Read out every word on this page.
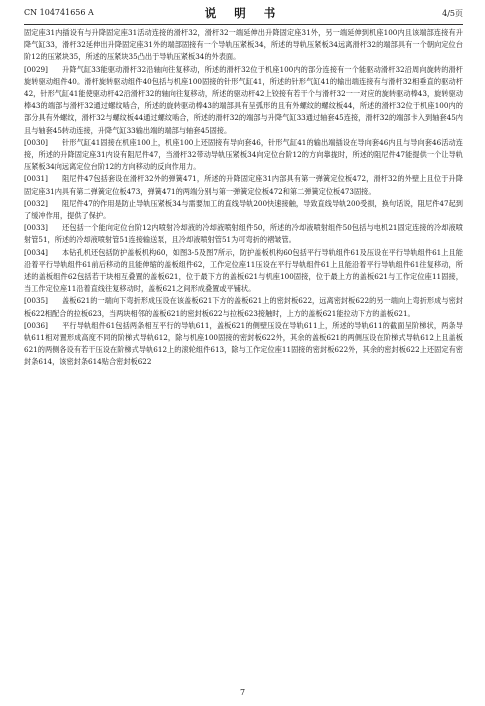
CN 104741656 A	说 明 书	4/5页

固定座31内插设有与升降固定座31活动连接的滑杆32，滑杆32一端延伸出升降固定座31外，另一端延伸到机座100内且该端部连接有升降气缸33，滑杆32延伸出升降固定座31外的端部固接有一个导轨压紧板34，所述的导轨压紧板34远离滑杆32的端部具有一个朝向定位台阶12的压紧块35，所述的压紧块35凸出于导轨压紧板34的外表面。

[0029] 升降气缸33能驱动滑杆32沿轴向往复移动，所述的滑杆32位于机座100内的部分连接有一个能驱动滑杆32沿周向旋转的滑杆旋转驱动组件40。滑杆旋转驱动组件40包括与机座100固接的针形气缸41，所述的针形气缸41的输出端连接有与滑杆32相垂直的驱动杆42，针形气缸41能使驱动杆42沿滑杆32的轴向往复移动，所述的驱动杆42上铰接有若干个与滑杆32一一对应的旋转驱动棒43，旋转驱动棒43的端部与滑杆32通过螺纹啮合，所述的旋转驱动棒43的端部具有呈弧形的且有外螺纹的螺纹板44，所述的滑杆32位于机座100内的部分具有外螺纹，滑杆32与螺纹板44通过螺纹啮合，所述的滑杆32的端部与升降气缸33通过轴套45连接，滑杆32的端部卡入到轴套45内且与轴套45转动连接，升降气缸33输出端的端部与轴套45固接。

[0030] 针形气缸41固接在机座100上，机座100上还固接有导向套46，针形气缸41的输出端插设在导向套46内且与导向套46活动连接，所述的升降固定座31内设有阻尼件47，当滑杆32带动导轨压紧板34向定位台阶12的方向靠拢时，所述的阻尼件47能提供一个让导轨压紧板34向远离定位台阶12的方向移动的反向作用力。

[0031] 阻尼件47包括套设在滑杆32外的弹簧471，所述的升降固定座31内部具有第一弹簧定位板472，滑杆32的外壁上且位于升降固定座31内具有第二弹簧定位板473，弹簧471的两端分别与第一弹簧定位板472和第二弹簧定位板473固接。

[0032] 阻尼件47的作用是防止导轨压紧板34与需要加工的直线导轨200快速接触，导致直线导轨200受损，换句话说，阻尼件47起到了缓冲作用，提供了保护。

[0033] 还包括一个能向定位台阶12内喷射冷却液的冷却液喷射组件50，所述的冷却液喷射组件50包括与电机21固定连接的冷却液喷射管51，所述的冷却液喷射管51连接输送泵，且冷却液喷射管51为可弯折的褶皱管。

[0034] 本钻孔机还包括防护盖板机构60，如图3-5及图7所示，防护盖板机构60包括平行导轨组件61及压设在平行导轨组件61上且能沿着平行导轨组件61前后移动的且能伸缩的盖板组件62，工作定位座11压设在平行导轨组件61上且能沿着平行导轨组件61往复移动，所述的盖板组件62包括若干块相互叠置的盖板621，位于最下方的盖板621与机座100固接，位于最上方的盖板621与工作定位座11固接，当工作定位座11沿着直线往复移动时，盖板621之间形成叠置或平铺状。

[0035] 盖板621的一端向下弯折形成压设在该盖板621下方的盖板621上的密封板622，远离密封板622的另一端向上弯折形成与密封板622相配合的拉板623，当两块相邻的盖板621的密封板622与拉板623接触时，上方的盖板621能拉动下方的盖板621。

[0036] 平行导轨组件61包括两条相互平行的导轨611，盖板621的侧壁压设在导轨611上，所述的导轨611的截面呈阶梯状，两条导轨611相对置形成高度不同的阶梯式导轨612，除与机座100固接的密封板622外，其余的盖板621的两侧压设在阶梯式导轨612上且盖板621的两侧各设有若干压设在阶梯式导轨612上的滚轮组件613，除与工作定位座11固接的密封板622外，其余的密封板622上还固定有密封条614，该密封条614贴合密封板622

7
